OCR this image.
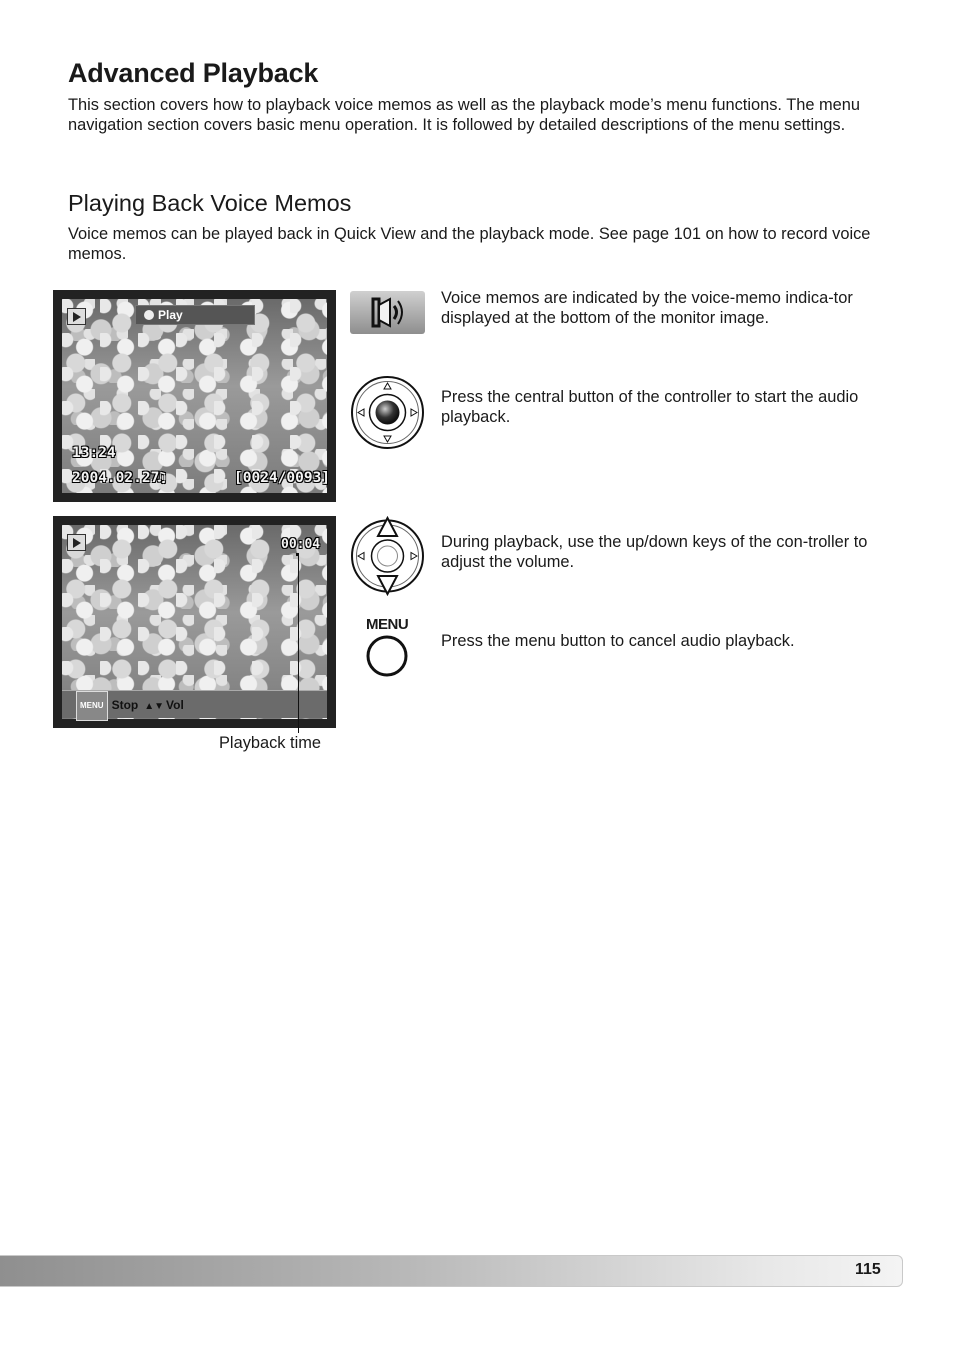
Advanced Playback

This section covers how to playback voice memos as well as the playback mode’s menu functions. The menu navigation section covers basic menu operation. It is followed by detailed descriptions of the menu settings.

Playing Back Voice Memos

Voice memos can be played back in Quick View and the playback mode. See page 101 on how to record voice memos.

Play
13:24
2004.02.27
♫	[0024/0093]
00:04
MENU Stop ▲▼ Vol
Playback time

Voice memos are indicated by the voice-memo indica-tor displayed at the bottom of the monitor image.

Press the central button of the controller to start the audio playback.

During playback, use the up/down keys of the con-troller to adjust the volume.

MENU

Press the menu button to cancel audio playback.

115
